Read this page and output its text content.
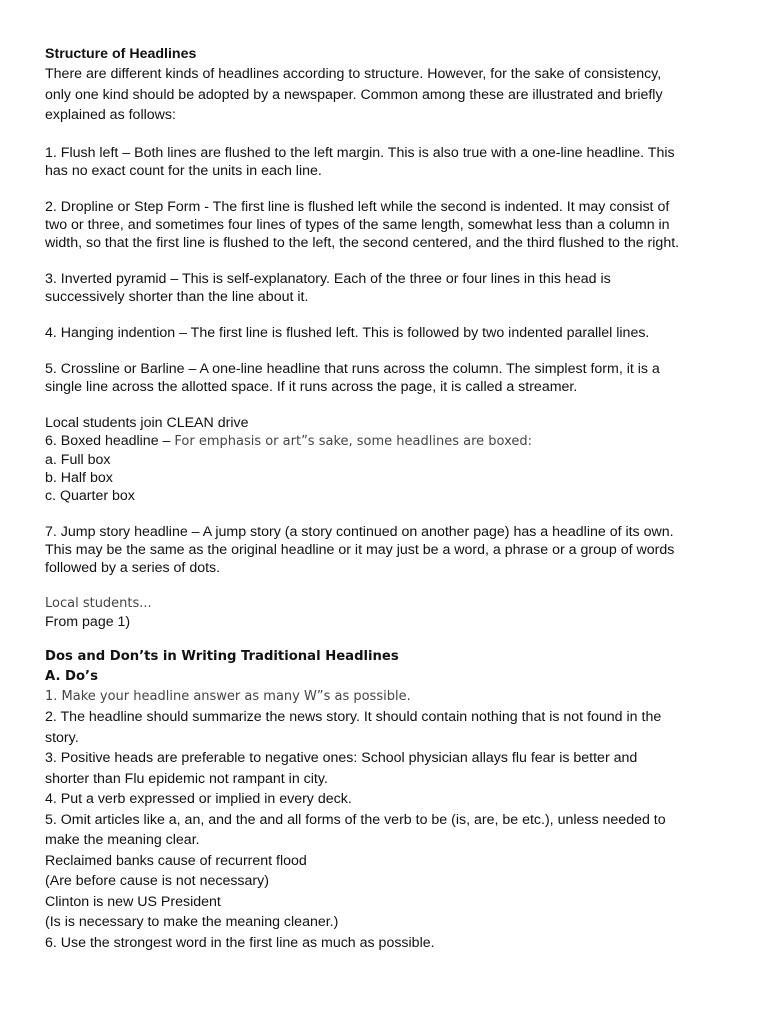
Structure of Headlines
There are different kinds of headlines according to structure. However, for the sake of consistency,
only one kind should be adopted by a newspaper. Common among these are illustrated and briefly
explained as follows:
1. Flush left – Both lines are flushed to the left margin. This is also true with a one-line headline. This
has no exact count for the units in each line.
2. Dropline or Step Form - The first line is flushed left while the second is indented. It may consist of
two or three, and sometimes four lines of types of the same length, somewhat less than a column in
width, so that the first line is flushed to the left, the second centered, and the third flushed to the right.
3. Inverted pyramid – This is self-explanatory. Each of the three or four lines in this head is
successively shorter than the line about it.
4. Hanging indention – The first line is flushed left. This is followed by two indented parallel lines.
5. Crossline or Barline – A one-line headline that runs across the column. The simplest form, it is a
single line across the allotted space. If it runs across the page, it is called a streamer.
Local students join CLEAN drive
6. Boxed headline – For emphasis or art”s sake, some headlines are boxed:
a. Full box
b. Half box
c. Quarter box
7. Jump story headline – A jump story (a story continued on another page) has a headline of its own.
This may be the same as the original headline or it may just be a word, a phrase or a group of words
followed by a series of dots.
Local students...
From page 1)
Dos and Don’ts in Writing Traditional Headlines
A. Do’s
1. Make your headline answer as many W”s as possible.
2. The headline should summarize the news story. It should contain nothing that is not found in the
story.
3. Positive heads are preferable to negative ones: School physician allays flu fear is better and
shorter than Flu epidemic not rampant in city.
4. Put a verb expressed or implied in every deck.
5. Omit articles like a, an, and the and all forms of the verb to be (is, are, be etc.), unless needed to
make the meaning clear.
Reclaimed banks cause of recurrent flood
(Are before cause is not necessary)
Clinton is new US President
(Is is necessary to make the meaning cleaner.)
6. Use the strongest word in the first line as much as possible.
